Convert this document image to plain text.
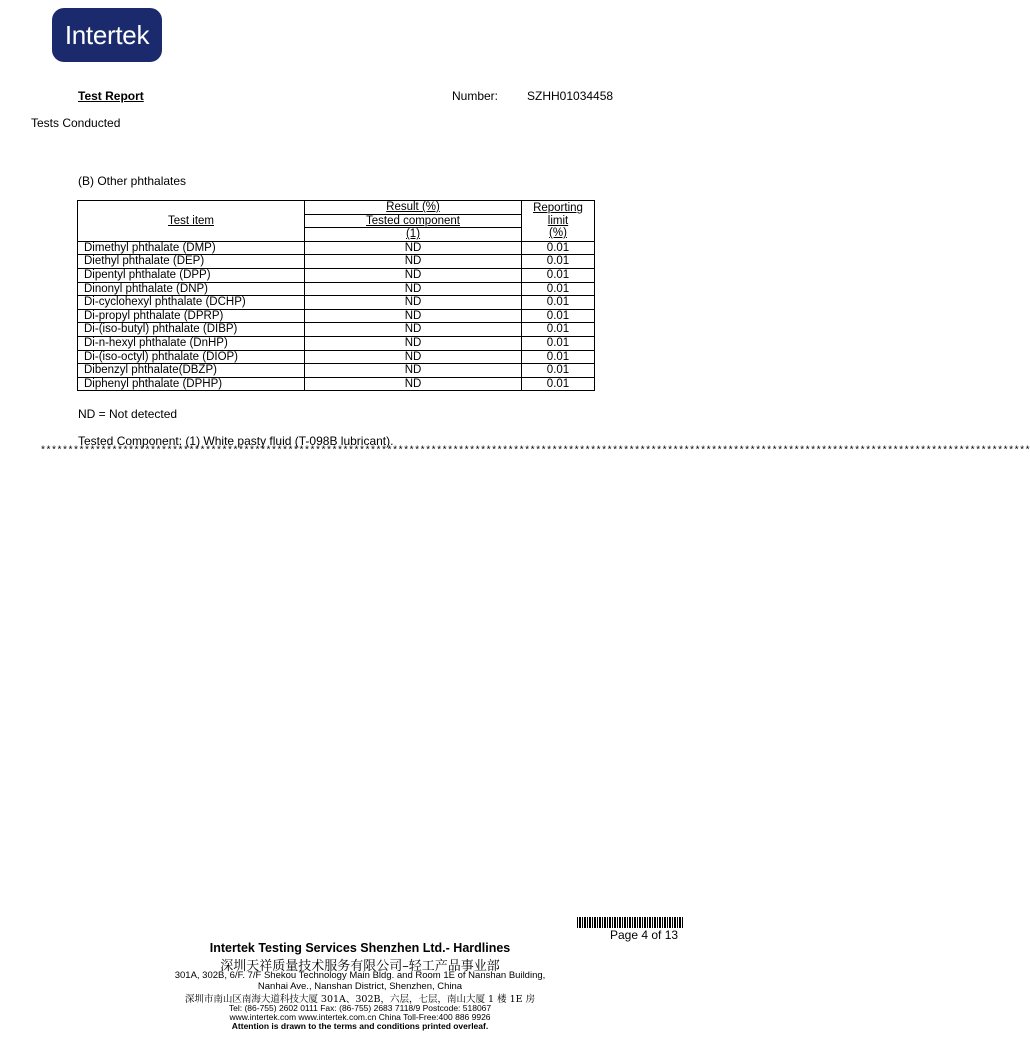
Intertek
Test Report	Number: SZHH01034458
Tests Conducted
(B) Other phthalates
Test item	Result (%)	Reporting
limit
(%)
	Tested component	
	(1)	
Dimethyl phthalate (DMP)	ND	0.01
Diethyl phthalate (DEP)	ND	0.01
Dipentyl phthalate (DPP)	ND	0.01
Dinonyl phthalate (DNP)	ND	0.01
Di-cyclohexyl phthalate (DCHP)	ND	0.01
Di-propyl phthalate (DPRP)	ND	0.01
Di-(iso-butyl) phthalate (DIBP)	ND	0.01
Di-n-hexyl phthalate (DnHP)	ND	0.01
Di-(iso-octyl) phthalate (DIOP)	ND	0.01
Dibenzyl phthalate(DBZP)	ND	0.01
Diphenyl phthalate (DPHP)	ND	0.01
ND = Not detected
Tested Component: (1) White pasty fluid (T-098B lubricant).
************************************************************************************************************************************************************************************
Page 4 of 13
Intertek Testing Services Shenzhen Ltd.- Hardlines
深圳天祥质量技术服务有限公司–轻工产品事业部
301A, 302B, 6/F. 7/F Shekou Technology Main Bldg. and Room 1E of Nanshan Building,
Nanhai Ave., Nanshan District, Shenzhen, China
深圳市南山区南海大道科技大厦 301A、302B，六层，七层，南山大厦 1 楼 1E 房
Tel: (86-755) 2602 0111 Fax: (86-755) 2683 7118/9 Postcode: 518067
www.intertek.com www.intertek.com.cn China Toll-Free:400 886 9926
Attention is drawn to the terms and conditions printed overleaf.
